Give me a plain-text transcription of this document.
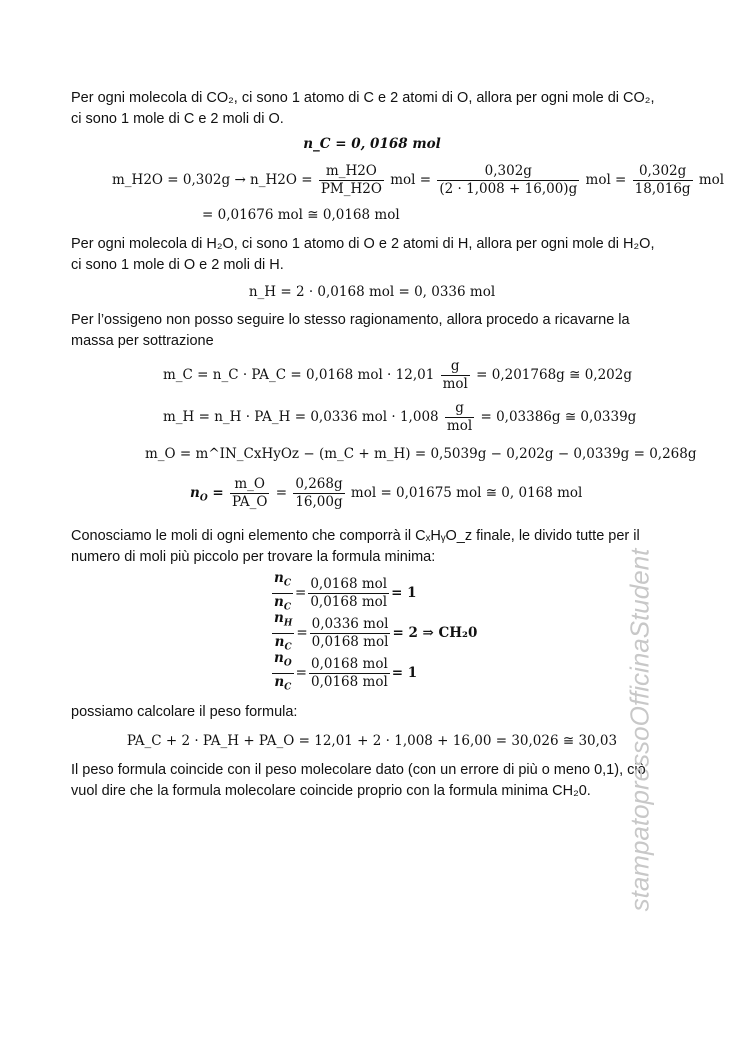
Per ogni molecola di CO₂, ci sono 1 atomo di C e 2 atomi di O, allora per ogni mole di CO₂,
ci sono 1 mole di C e 2 moli di O.
n_C = 0, 0168 mol
m_H2O = 0,302g → n_H2O = $\frac{m\_H2O}{PM\_H2O}$ mol = $\frac{0,302g}{(2 \cdot 1,008 + 16,00)g}$ mol = $\frac{0,302g}{18,016g}$ mol
= 0,01676 mol ≅ 0,0168 mol
Per ogni molecola di H₂O, ci sono 1 atomo di O e 2 atomi di H, allora per ogni mole di H₂O,
ci sono 1 mole di O e 2 moli di H.
n_H = 2 · 0,0168 mol = 0, 0336 mol
Per l’ossigeno non posso seguire lo stesso ragionamento, allora procedo a ricavarne la massa per sottrazione
m_C = n_C · PA_C = 0,0168 mol · $12,01 \frac{g}{\text{mol}} = 0,201768g$ ≅ 0,202g
m_H = n_H · PA_H = 0,0336 mol · $1,008 \frac{g}{\text{mol}} = 0,03386g$ ≅ 0,0339g
m_O = m^IN_CxHyOz − (m_C + m_H) = 0,5039g − 0,202g − 0,0339g = 0,268g
$n_O = \frac{m\_O}{PA\_O} = \frac{0,268g}{16,00g}$ mol = 0,01675 mol ≅ 0, 0168 mol
Conosciamo le moli di ogni elemento che comporrà il CₓHᵧO_z finale, le divido tutte per il numero di moli più piccolo per trovare la formula minima:
$\frac{n_C}{n_C} = \frac{\text{0,0168 mol}}{\text{0,0168 mol}} = 1$
$\frac{n_H}{n_C} = \frac{\text{0,0336 mol}}{\text{0,0168 mol}} = 2$ ⇒ CH₂0
$\frac{n_O}{n_C} = \frac{\text{0,0168 mol}}{\text{0,0168 mol}} = 1$
possiamo calcolare il peso formula:
PA_C + 2 · PA_H + PA_O = 12,01 + 2 · 1,008 + 16,00 = 30,026 ≅ 30,03
Il peso formula coincide con il peso molecolare dato (con un errore di più o meno 0,1), ciò vuol dire che la formula molecolare coincide proprio con la formula minima CH₂0.	stampatopressoOfficinaStudent
